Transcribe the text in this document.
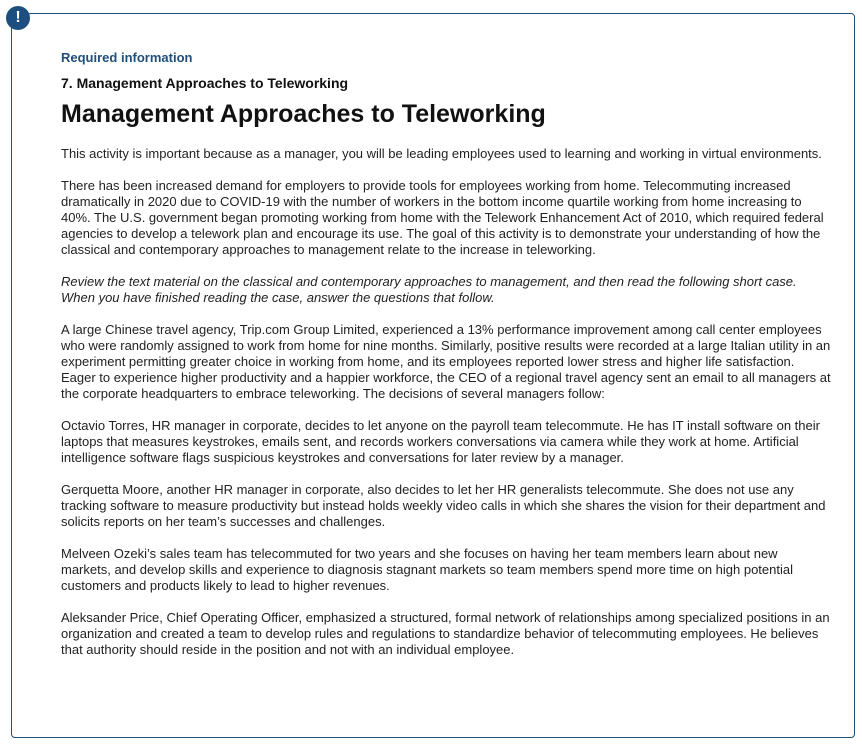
!
Required information
7. Management Approaches to Teleworking
Management Approaches to Teleworking

This activity is important because as a manager, you will be leading employees used to learning and working in virtual environments.

There has been increased demand for employers to provide tools for employees working from home. Telecommuting increased dramatically in 2020 due to COVID-19 with the number of workers in the bottom income quartile working from home increasing to 40%. The U.S. government began promoting working from home with the Telework Enhancement Act of 2010, which required federal agencies to develop a telework plan and encourage its use. The goal of this activity is to demonstrate your understanding of how the classical and contemporary approaches to management relate to the increase in teleworking.

Review the text material on the classical and contemporary approaches to management, and then read the following short case. When you have finished reading the case, answer the questions that follow.

A large Chinese travel agency, Trip.com Group Limited, experienced a 13% performance improvement among call center employees who were randomly assigned to work from home for nine months. Similarly, positive results were recorded at a large Italian utility in an experiment permitting greater choice in working from home, and its employees reported lower stress and higher life satisfaction. Eager to experience higher productivity and a happier workforce, the CEO of a regional travel agency sent an email to all managers at the corporate headquarters to embrace teleworking. The decisions of several managers follow:

Octavio Torres, HR manager in corporate, decides to let anyone on the payroll team telecommute. He has IT install software on their laptops that measures keystrokes, emails sent, and records workers conversations via camera while they work at home. Artificial intelligence software flags suspicious keystrokes and conversations for later review by a manager.

Gerquetta Moore, another HR manager in corporate, also decides to let her HR generalists telecommute. She does not use any tracking software to measure productivity but instead holds weekly video calls in which she shares the vision for their department and solicits reports on her team’s successes and challenges.

Melveen Ozeki’s sales team has telecommuted for two years and she focuses on having her team members learn about new markets, and develop skills and experience to diagnosis stagnant markets so team members spend more time on high potential customers and products likely to lead to higher revenues.

Aleksander Price, Chief Operating Officer, emphasized a structured, formal network of relationships among specialized positions in an organization and created a team to develop rules and regulations to standardize behavior of telecommuting employees. He believes that authority should reside in the position and not with an individual employee.
